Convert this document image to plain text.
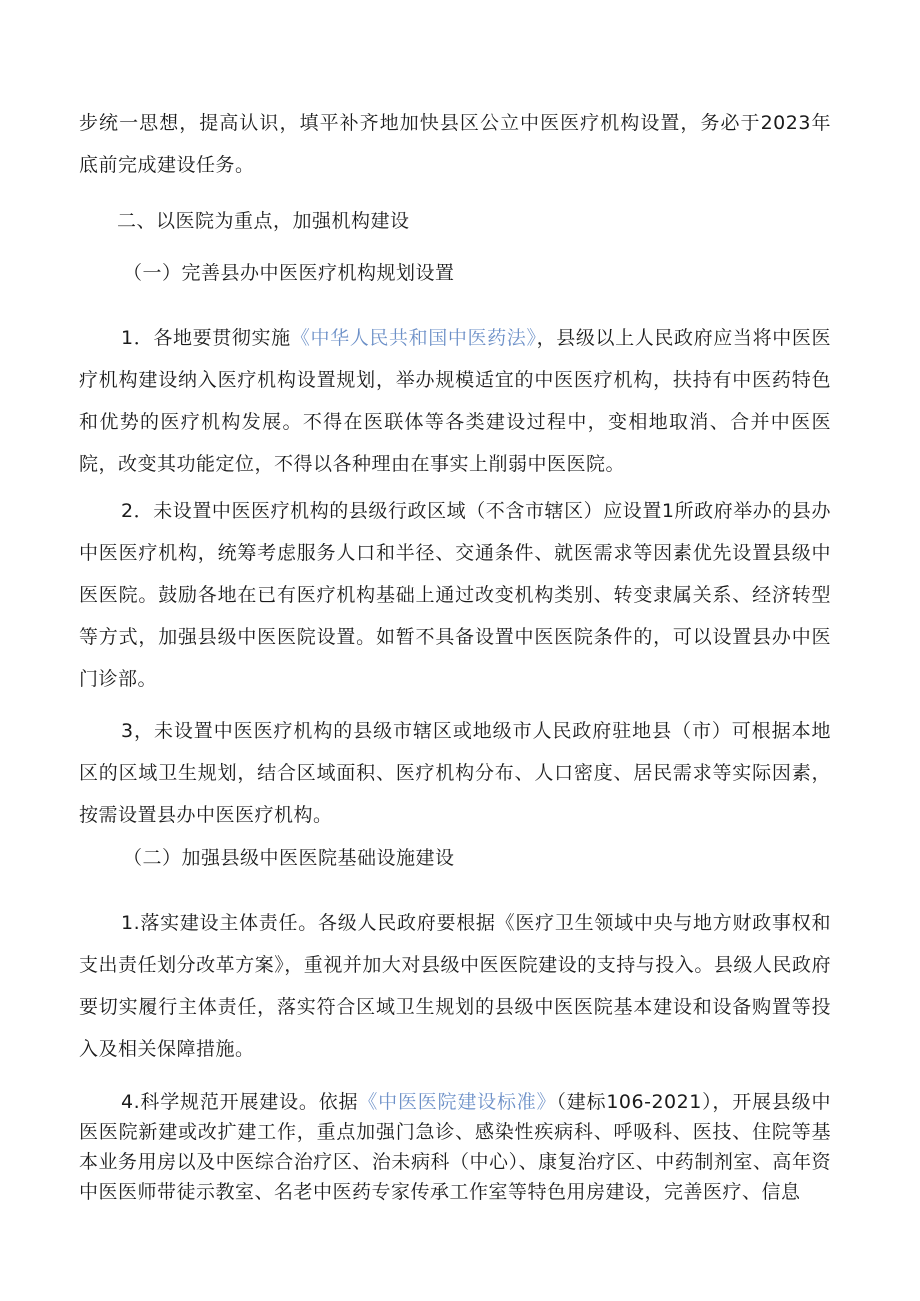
步统一思想，提高认识，填平补齐地加快县区公立中医医疗机构设置，务必于2023年底前完成建设任务。

二、以医院为重点，加强机构建设

（一）完善县办中医医疗机构规划设置

1．各地要贯彻实施《中华人民共和国中医药法》，县级以上人民政府应当将中医医疗机构建设纳入医疗机构设置规划，举办规模适宜的中医医疗机构，扶持有中医药特色和优势的医疗机构发展。不得在医联体等各类建设过程中，变相地取消、合并中医医院，改变其功能定位，不得以各种理由在事实上削弱中医医院。

2．未设置中医医疗机构的县级行政区域（不含市辖区）应设置1所政府举办的县办中医医疗机构，统筹考虑服务人口和半径、交通条件、就医需求等因素优先设置县级中医医院。鼓励各地在已有医疗机构基础上通过改变机构类别、转变隶属关系、经济转型等方式，加强县级中医医院设置。如暂不具备设置中医医院条件的，可以设置县办中医门诊部。

3，未设置中医医疗机构的县级市辖区或地级市人民政府驻地县（市）可根据本地区的区域卫生规划，结合区域面积、医疗机构分布、人口密度、居民需求等实际因素，按需设置县办中医医疗机构。

（二）加强县级中医医院基础设施建设

1.落实建设主体责任。各级人民政府要根据《医疗卫生领域中央与地方财政事权和支出责任划分改革方案》，重视并加大对县级中医医院建设的支持与投入。县级人民政府要切实履行主体责任，落实符合区域卫生规划的县级中医医院基本建设和设备购置等投入及相关保障措施。

4.科学规范开展建设。依据《中医医院建设标准》（建标106-2021），开展县级中医医院新建或改扩建工作，重点加强门急诊、感染性疾病科、呼吸科、医技、住院等基本业务用房以及中医综合治疗区、治未病科（中心）、康复治疗区、中药制剂室、高年资中医医师带徒示教室、名老中医药专家传承工作室等特色用房建设，完善医疗、信息
